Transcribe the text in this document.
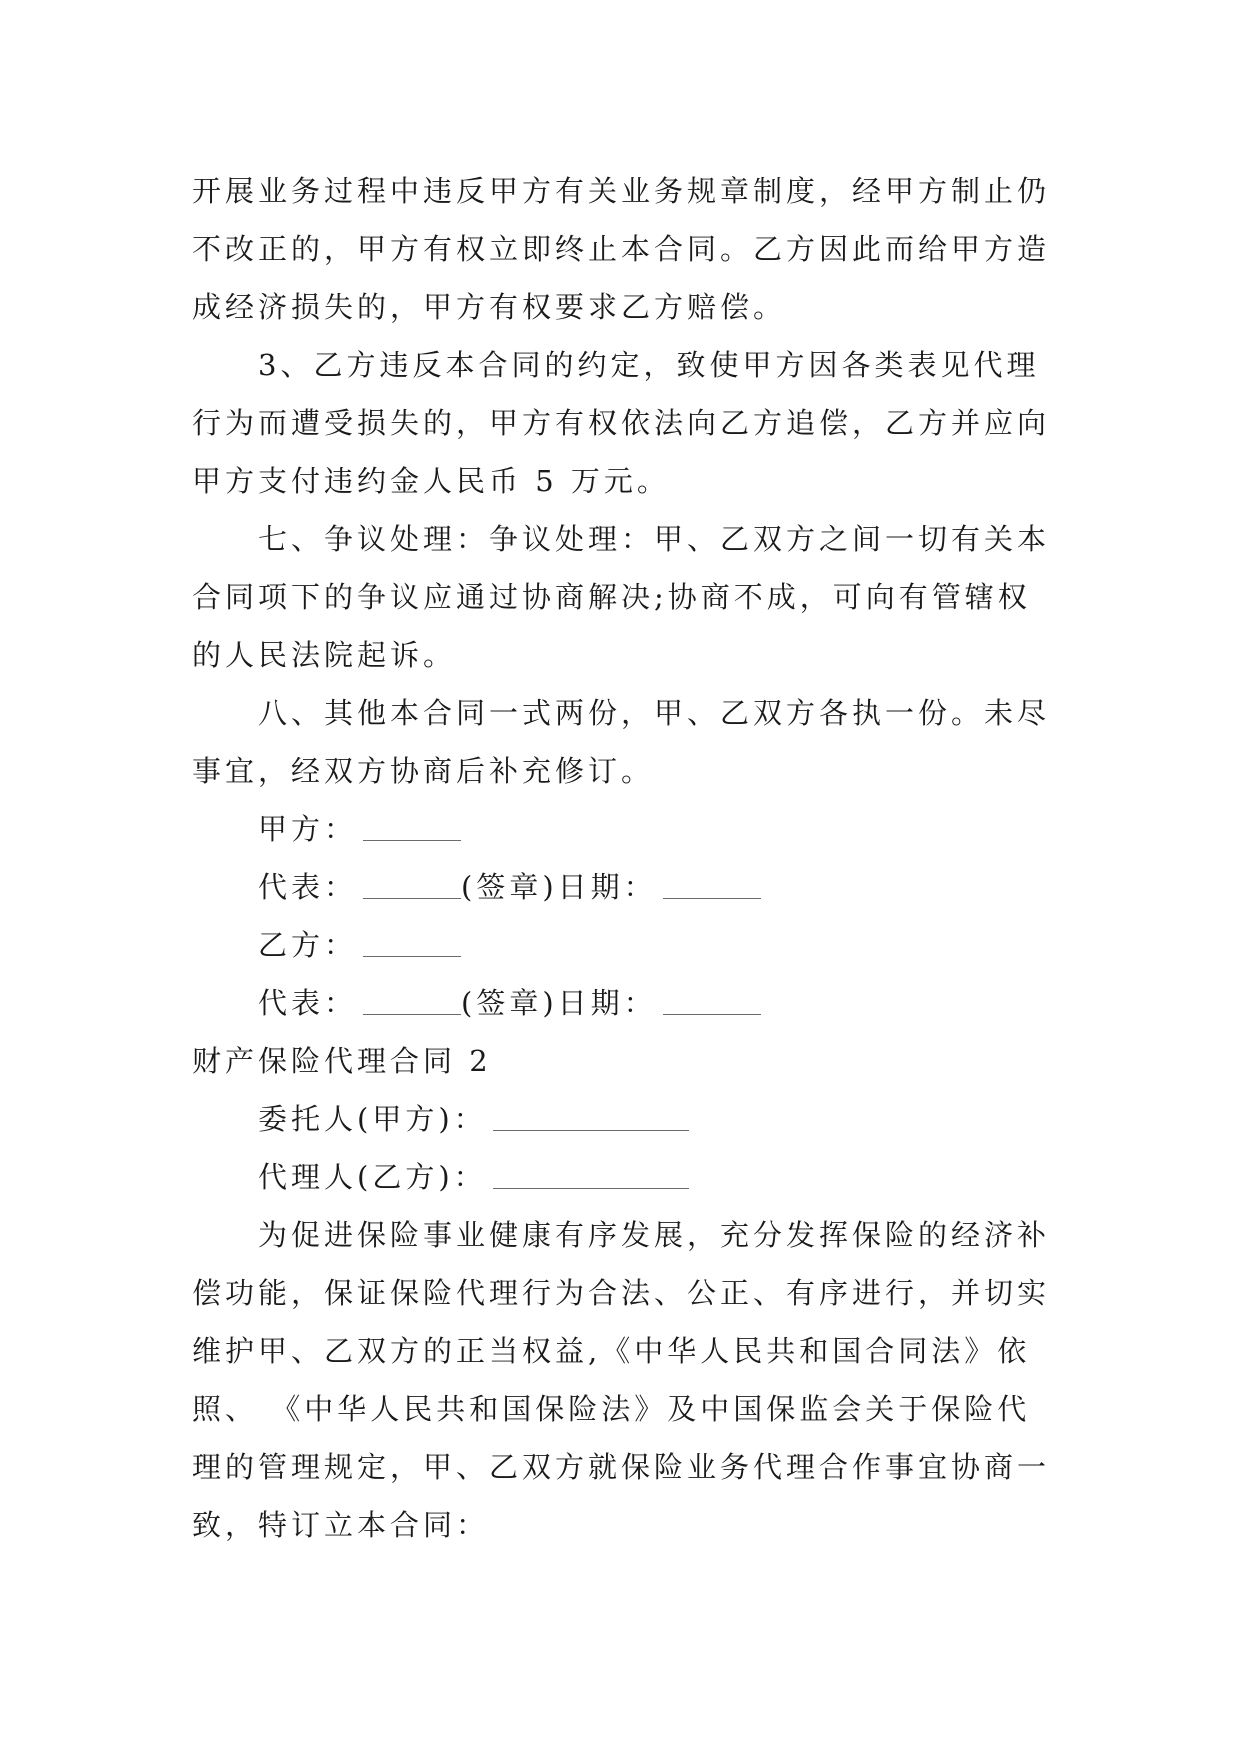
开展业务过程中违反甲方有关业务规章制度，经甲方制止仍

不改正的，甲方有权立即终止本合同。乙方因此而给甲方造

成经济损失的，甲方有权要求乙方赔偿。

3、乙方违反本合同的约定，致使甲方因各类表见代理

行为而遭受损失的，甲方有权依法向乙方追偿，乙方并应向

甲方支付违约金人民币 5 万元。

七、争议处理：争议处理：甲、乙双方之间一切有关本

合同项下的争议应通过协商解决;协商不成，可向有管辖权

的人民法院起诉。

八、其他本合同一式两份，甲、乙双方各执一份。未尽

事宜，经双方协商后补充修订。

甲方：

代表：	(签章)日期：

乙方：

代表：	(签章)日期：

财产保险代理合同 2

委托人(甲方)：

代理人(乙方)：

为促进保险事业健康有序发展，充分发挥保险的经济补

偿功能，保证保险代理行为合法、公正、有序进行，并切实

维护甲、乙双方的正当权益,《中华人民共和国合同法》依

照、 《中华人民共和国保险法》及中国保监会关于保险代

理的管理规定，甲、乙双方就保险业务代理合作事宜协商一

致，特订立本合同：
